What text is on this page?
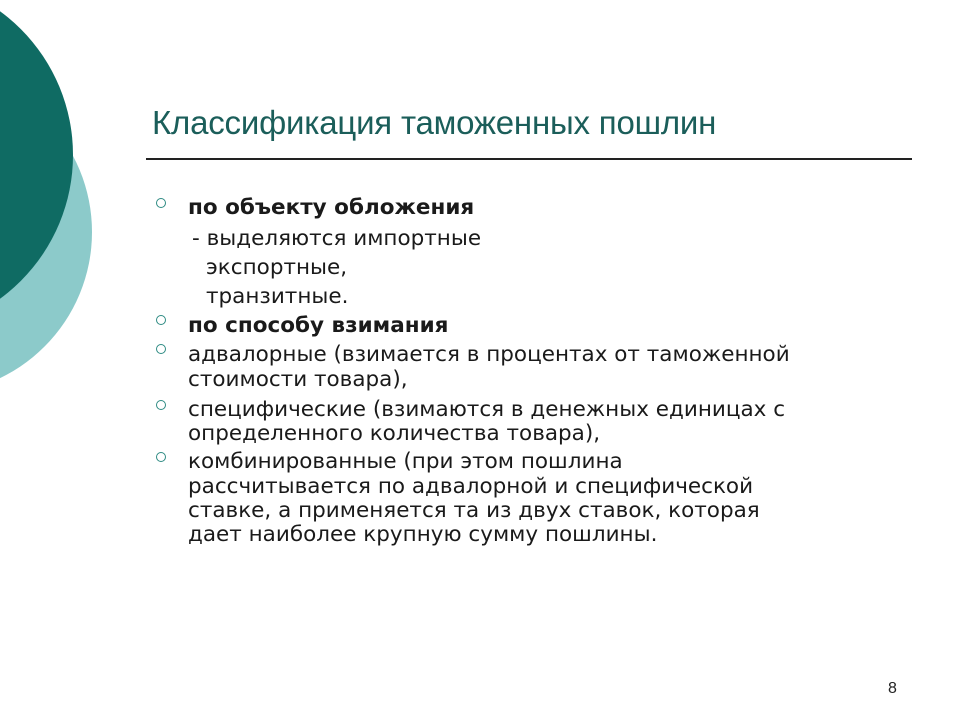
Классификация таможенных пошлин

по объекту обложения

- выделяются импортные

экспортные,

транзитные.

по способу взимания

адвалорные (взимается в процентах от таможенной

стоимости товара),

специфические (взимаются в денежных единицах с

определенного количества товара),

комбинированные (при этом пошлина

рассчитывается по адвалорной и специфической

ставке, а применяется та из двух ставок, которая

дает наиболее крупную сумму пошлины.

8
